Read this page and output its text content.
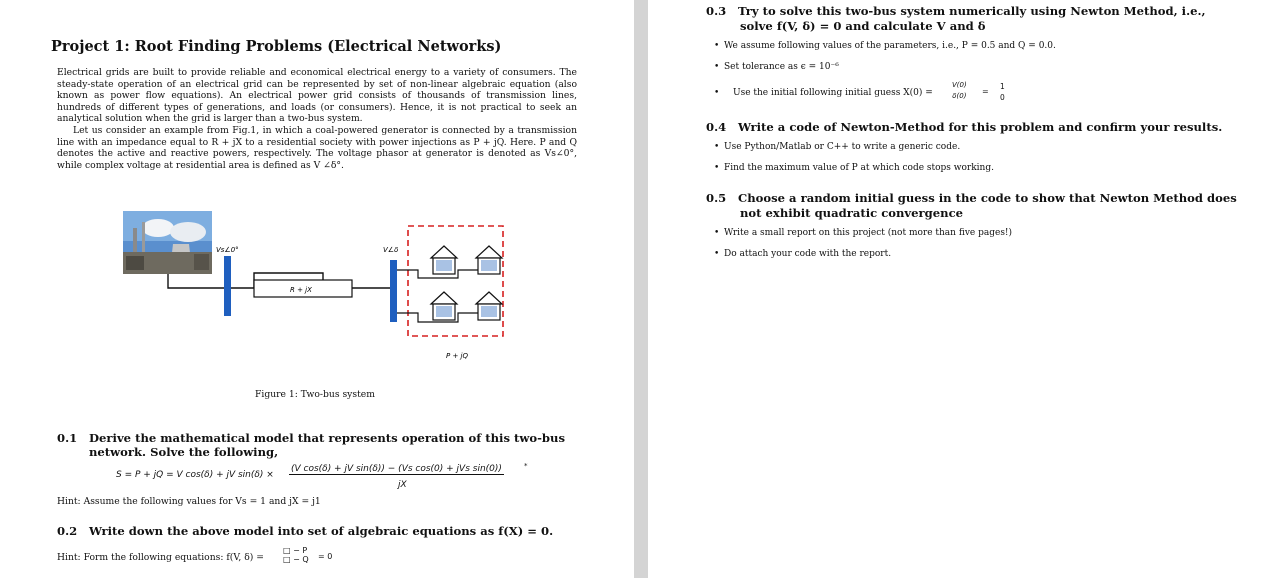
Project 1: Root Finding Problems (Electrical Networks)

Electrical grids are built to provide reliable and economical electrical energy to a variety of consumers. The steady-state operation of an electrical grid can be represented by set of non-linear algebraic equation (also known as power flow equations). An electrical power grid consists of thousands of transmission lines, hundreds of different types of generations, and loads (or consumers). Hence, it is not practical to seek an analytical solution when the grid is larger than a two-bus system.

Let us consider an example from Fig.1, in which a coal-powered generator is connected by a transmission line with an impedance equal to R + jX to a residential society with power injections as P + jQ. Here. P and Q denotes the active and reactive powers, respectively. The voltage phasor at generator is denoted as Vs∠0°, while complex voltage at residential area is defined as V ∠δ°.

Vs∠0°	V∠δ
R + jX
P + jQ
Figure 1: Two-bus system
0.1 Derive the mathematical model that represents operation of this two-bus
network. Solve the following,
S = P + jQ = V cos(δ) + jV sin(δ) ×
(V cos(δ) + jV sin(δ)) − (Vs cos(0) + jVs sin(0))	*
jX
Hint: Assume the following values for Vs = 1 and jX = j1
0.2 Write down the above model into set of algebraic equations as f(X) = 0.
Hint: Form the following equations: f(V, δ) =
□ − P
□ − Q = 0
0.3 Try to solve this two-bus system numerically using Newton Method, i.e.,
solve f(V, δ) = 0 and calculate V and δ
• We assume following values of the parameters, i.e., P = 0.5 and Q = 0.0.
• Set tolerance as ϵ = 10⁻⁶
• Use the initial following initial guess X(0) =
V(0)
δ(0) =
1
0
0.4 Write a code of Newton-Method for this problem and confirm your results.
• Use Python/Matlab or C++ to write a generic code.
• Find the maximum value of P at which code stops working.
0.5 Choose a random initial guess in the code to show that Newton Method does
not exhibit quadratic convergence
• Write a small report on this project (not more than five pages!)
• Do attach your code with the report.
